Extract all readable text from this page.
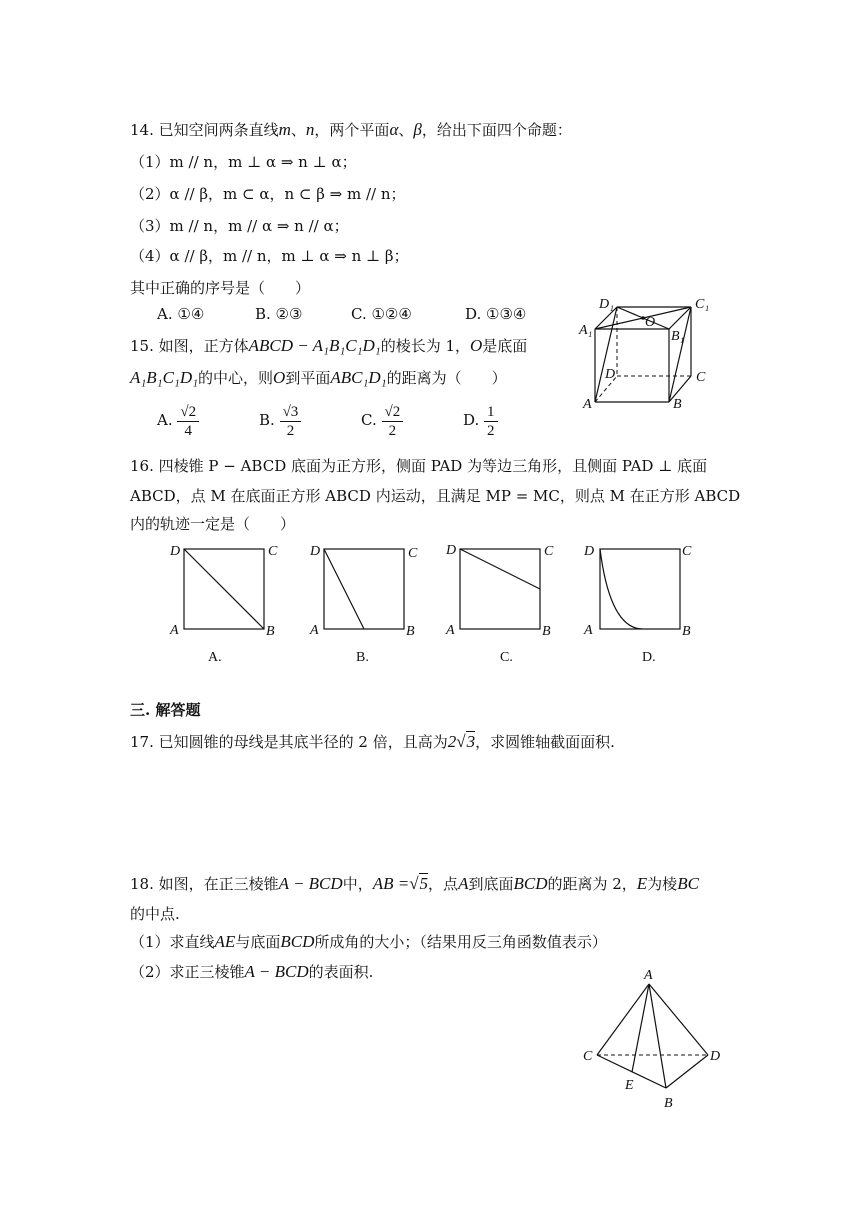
14. 已知空间两条直线m、n，两个平面α、β，给出下面四个命题：
（1）m // n，m ⊥ α ⇒ n ⊥ α；
（2）α // β，m ⊂ α，n ⊂ β ⇒ m // n；
（3）m // n，m // α ⇒ n // α；
（4）α // β，m // n，m ⊥ α ⇒ n ⊥ β；
其中正确的序号是（　　）
A. ①④	B. ②③	C. ①②④	D. ①③④
15. 如图，正方体ABCD − A₁B₁C₁D₁的棱长为 1，O是底面
A₁B₁C₁D₁的中心，则O到平面ABC₁D₁的距离为（　　）
A. $\frac{√2}{4}$	B. $\frac{√3}{2}$	C. $\frac{√2}{2}$	D. $\frac{1}{2}$
D₁	C₁
A₁	B₁
O
D	C
A	B
16. 四棱锥 P − ABCD 底面为正方形，侧面 PAD 为等边三角形，且侧面 PAD ⊥ 底面
ABCD，点 M 在底面正方形 ABCD 内运动，且满足 MP = MC，则点 M 在正方形 ABCD
内的轨迹一定是（　　）
D	C
A	B
D	C
A	B
D	C
A	B
D	C
A	B
A.	B.	C.	D.
三. 解答题
17. 已知圆锥的母线是其底半径的 2 倍，且高为2√3，求圆锥轴截面面积.
18. 如图，在正三棱锥A − BCD中，AB =√5，点A到底面BCD的距离为 2，E为棱BC
的中点.
（1）求直线AE与底面BCD所成角的大小；（结果用反三角函数值表示）
（2）求正三棱锥A − BCD的表面积.	A
C	D
E
B
